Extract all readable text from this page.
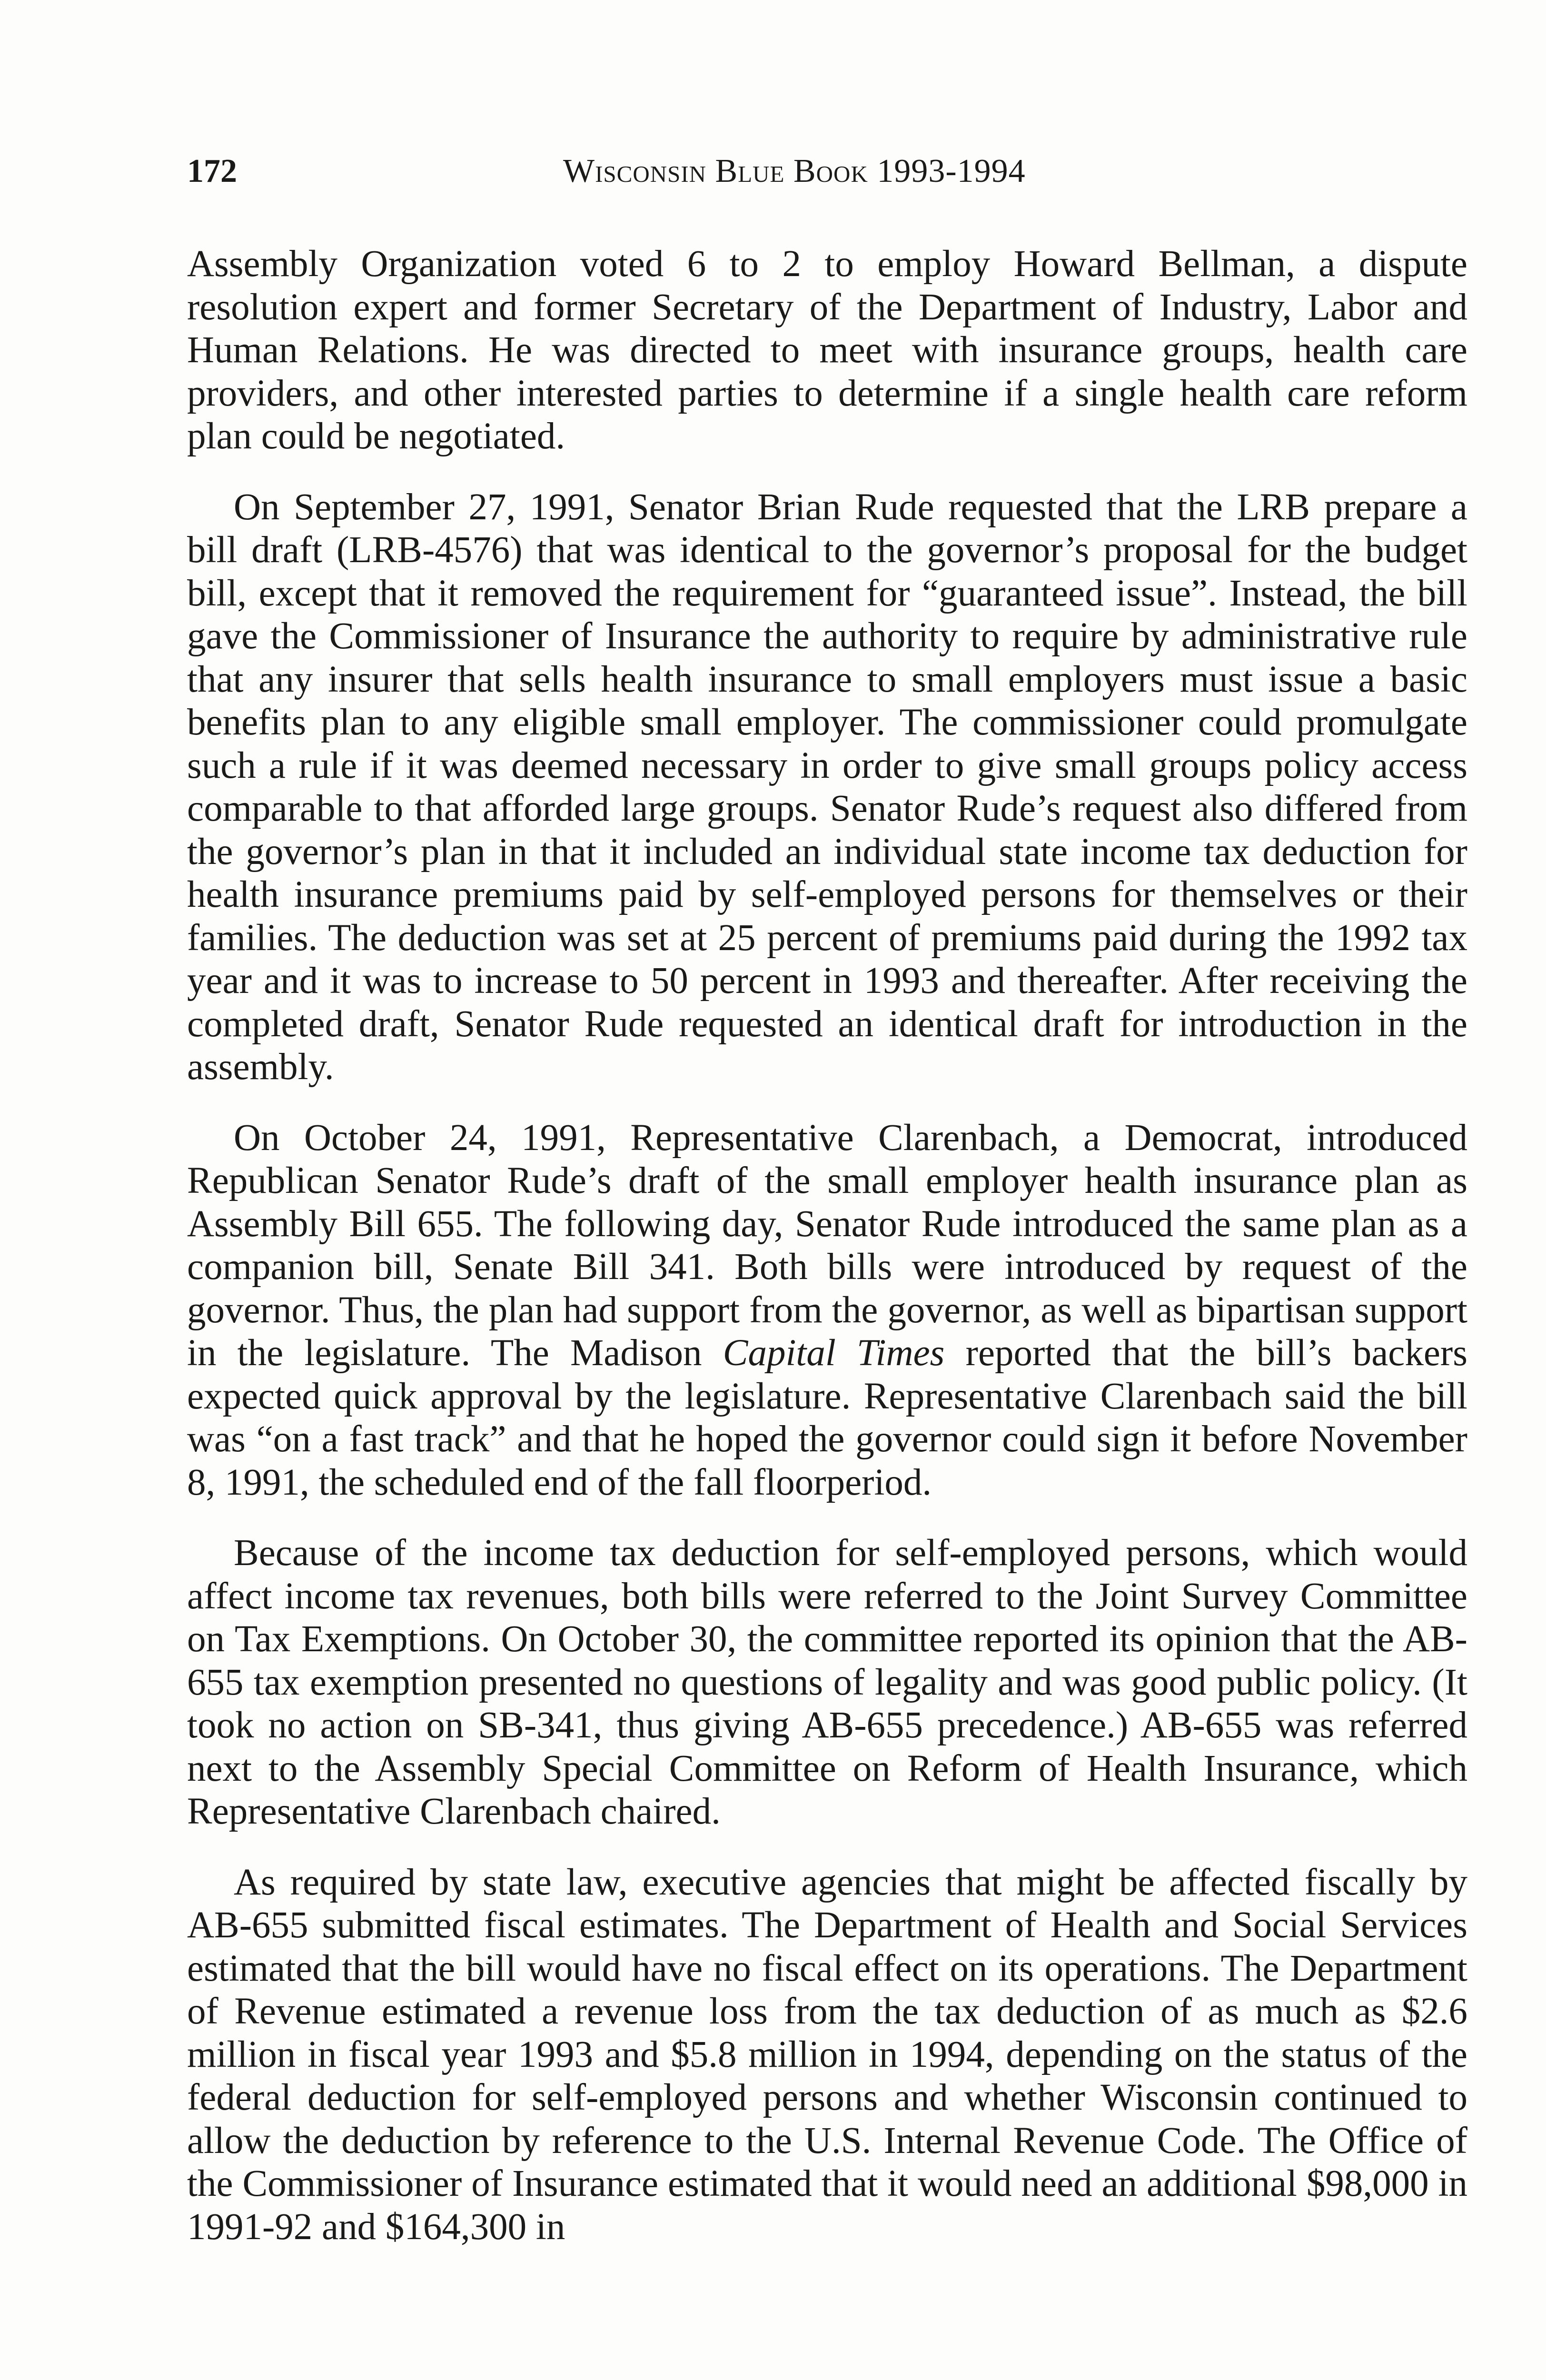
172	Wisconsin Blue Book 1993-1994

Assembly Organization voted 6 to 2 to employ Howard Bellman, a dispute resolution expert and former Secretary of the Department of Industry, Labor and Human Relations. He was directed to meet with insurance groups, health care providers, and other interested parties to determine if a single health care reform plan could be negotiated.

On September 27, 1991, Senator Brian Rude requested that the LRB prepare a bill draft (LRB-4576) that was identical to the governor’s proposal for the budget bill, except that it removed the requirement for “guaranteed issue”. Instead, the bill gave the Commissioner of Insurance the authority to require by administrative rule that any insurer that sells health insurance to small employers must issue a basic benefits plan to any eligible small employer. The commissioner could promulgate such a rule if it was deemed necessary in order to give small groups policy access comparable to that afforded large groups. Senator Rude’s request also differed from the governor’s plan in that it included an individual state income tax deduction for health insurance premiums paid by self-employed persons for themselves or their families. The deduction was set at 25 percent of premiums paid during the 1992 tax year and it was to increase to 50 percent in 1993 and thereafter. After receiving the completed draft, Senator Rude requested an identical draft for introduction in the assembly.

On October 24, 1991, Representative Clarenbach, a Democrat, introduced Republican Senator Rude’s draft of the small employer health insurance plan as Assembly Bill 655. The following day, Senator Rude introduced the same plan as a companion bill, Senate Bill 341. Both bills were introduced by request of the governor. Thus, the plan had support from the governor, as well as bipartisan support in the legislature. The Madison Capital Times reported that the bill’s backers expected quick approval by the legislature. Representative Clarenbach said the bill was “on a fast track” and that he hoped the governor could sign it before November 8, 1991, the scheduled end of the fall floorperiod.

Because of the income tax deduction for self-employed persons, which would affect income tax revenues, both bills were referred to the Joint Survey Committee on Tax Exemptions. On October 30, the committee reported its opinion that the AB-655 tax exemption presented no questions of legality and was good public policy. (It took no action on SB-341, thus giving AB-655 precedence.) AB-655 was referred next to the Assembly Special Committee on Reform of Health Insurance, which Representative Clarenbach chaired.

As required by state law, executive agencies that might be affected fiscally by AB-655 submitted fiscal estimates. The Department of Health and Social Services estimated that the bill would have no fiscal effect on its operations. The Department of Revenue estimated a revenue loss from the tax deduction of as much as $2.6 million in fiscal year 1993 and $5.8 million in 1994, depending on the status of the federal deduction for self-employed persons and whether Wisconsin continued to allow the deduction by reference to the U.S. Internal Revenue Code. The Office of the Commissioner of Insurance estimated that it would need an additional $98,000 in 1991-92 and $164,300 in
